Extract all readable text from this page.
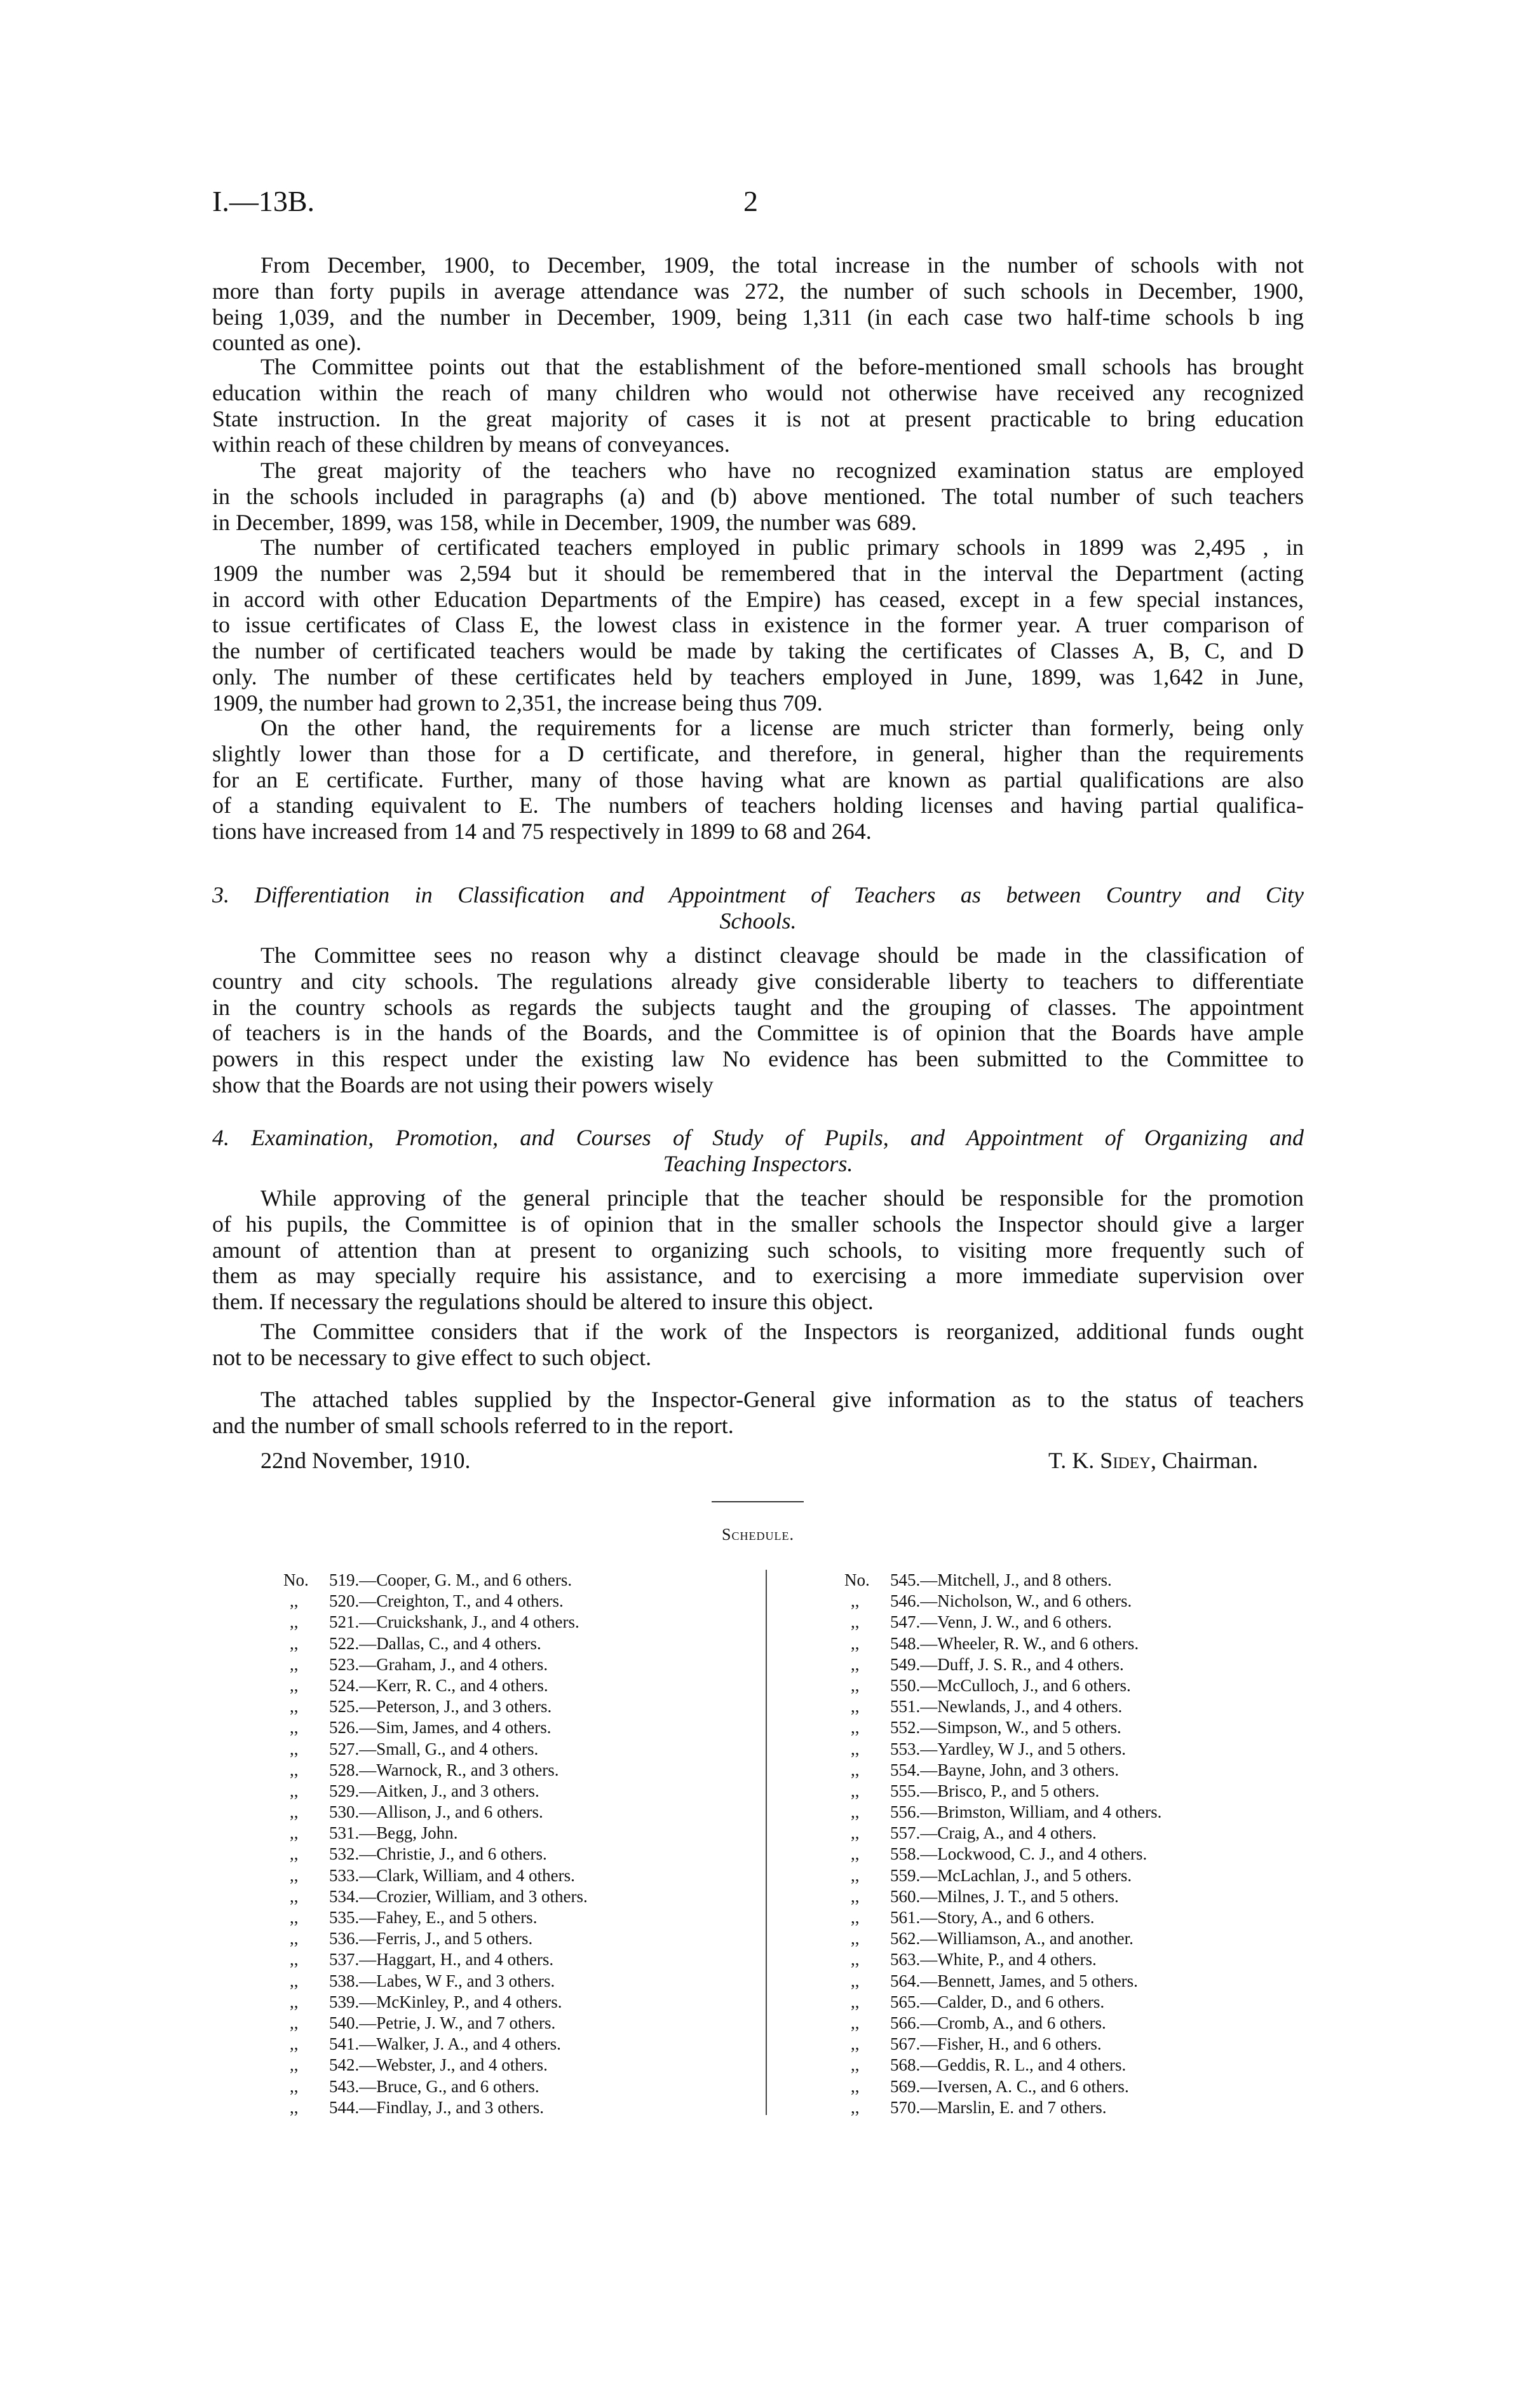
I.—13B.	2
From December, 1900, to December, 1909, the total increase in the number of schools with not
more than forty pupils in average attendance was 272, the number of such schools in December, 1900,
being 1,039, and the number in December, 1909, being 1,311 (in each case two half-time schools b ing
counted as one).
The Committee points out that the establishment of the before-mentioned small schools has brought
education within the reach of many children who would not otherwise have received any recognized
State instruction. In the great majority of cases it is not at present practicable to bring education
within reach of these children by means of conveyances.
The great majority of the teachers who have no recognized examination status are employed
in the schools included in paragraphs (a) and (b) above mentioned. The total number of such teachers
in December, 1899, was 158, while in December, 1909, the number was 689.
The number of certificated teachers employed in public primary schools in 1899 was 2,495 , in
1909 the number was 2,594 but it should be remembered that in the interval the Department (acting
in accord with other Education Departments of the Empire) has ceased, except in a few special instances,
to issue certificates of Class E, the lowest class in existence in the former year. A truer comparison of
the number of certificated teachers would be made by taking the certificates of Classes A, B, C, and D
only. The number of these certificates held by teachers employed in June, 1899, was 1,642 in June,
1909, the number had grown to 2,351, the increase being thus 709.
On the other hand, the requirements for a license are much stricter than formerly, being only
slightly lower than those for a D certificate, and therefore, in general, higher than the requirements
for an E certificate. Further, many of those having what are known as partial qualifications are also
of a standing equivalent to E. The numbers of teachers holding licenses and having partial qualifica-
tions have increased from 14 and 75 respectively in 1899 to 68 and 264.
3. Differentiation in Classification and Appointment of Teachers as between Country and City
Schools.
The Committee sees no reason why a distinct cleavage should be made in the classification of
country and city schools. The regulations already give considerable liberty to teachers to differentiate
in the country schools as regards the subjects taught and the grouping of classes. The appointment
of teachers is in the hands of the Boards, and the Committee is of opinion that the Boards have ample
powers in this respect under the existing law No evidence has been submitted to the Committee to
show that the Boards are not using their powers wisely
4. Examination, Promotion, and Courses of Study of Pupils, and Appointment of Organizing and
Teaching Inspectors.
While approving of the general principle that the teacher should be responsible for the promotion
of his pupils, the Committee is of opinion that in the smaller schools the Inspector should give a larger
amount of attention than at present to organizing such schools, to visiting more frequently such of
them as may specially require his assistance, and to exercising a more immediate supervision over
them. If necessary the regulations should be altered to insure this object.
The Committee considers that if the work of the Inspectors is reorganized, additional funds ought
not to be necessary to give effect to such object.
The attached tables supplied by the Inspector-General give information as to the status of teachers
and the number of small schools referred to in the report.
22nd November, 1910.	T. K. Sidey, Chairman.
Schedule.
No.	519.—Cooper, G. M., and 6 others.
,,	520.—Creighton, T., and 4 others.
,,	521.—Cruickshank, J., and 4 others.
,,	522.—Dallas, C., and 4 others.
,,	523.—Graham, J., and 4 others.
,,	524.—Kerr, R. C., and 4 others.
,,	525.—Peterson, J., and 3 others.
,,	526.—Sim, James, and 4 others.
,,	527.—Small, G., and 4 others.
,,	528.—Warnock, R., and 3 others.
,,	529.—Aitken, J., and 3 others.
,,	530.—Allison, J., and 6 others.
,,	531.—Begg, John.
,,	532.—Christie, J., and 6 others.
,,	533.—Clark, William, and 4 others.
,,	534.—Crozier, William, and 3 others.
,,	535.—Fahey, E., and 5 others.
,,	536.—Ferris, J., and 5 others.
,,	537.—Haggart, H., and 4 others.
,,	538.—Labes, W F., and 3 others.
,,	539.—McKinley, P., and 4 others.
,,	540.—Petrie, J. W., and 7 others.
,,	541.—Walker, J. A., and 4 others.
,,	542.—Webster, J., and 4 others.
,,	543.—Bruce, G., and 6 others.
,,	544.—Findlay, J., and 3 others.
No.	545.—Mitchell, J., and 8 others.
,,	546.—Nicholson, W., and 6 others.
,,	547.—Venn, J. W., and 6 others.
,,	548.—Wheeler, R. W., and 6 others.
,,	549.—Duff, J. S. R., and 4 others.
,,	550.—McCulloch, J., and 6 others.
,,	551.—Newlands, J., and 4 others.
,,	552.—Simpson, W., and 5 others.
,,	553.—Yardley, W J., and 5 others.
,,	554.—Bayne, John, and 3 others.
,,	555.—Brisco, P., and 5 others.
,,	556.—Brimston, William, and 4 others.
,,	557.—Craig, A., and 4 others.
,,	558.—Lockwood, C. J., and 4 others.
,,	559.—McLachlan, J., and 5 others.
,,	560.—Milnes, J. T., and 5 others.
,,	561.—Story, A., and 6 others.
,,	562.—Williamson, A., and another.
,,	563.—White, P., and 4 others.
,,	564.—Bennett, James, and 5 others.
,,	565.—Calder, D., and 6 others.
,,	566.—Cromb, A., and 6 others.
,,	567.—Fisher, H., and 6 others.
,,	568.—Geddis, R. L., and 4 others.
,,	569.—Iversen, A. C., and 6 others.
,,	570.—Marslin, E. and 7 others.
